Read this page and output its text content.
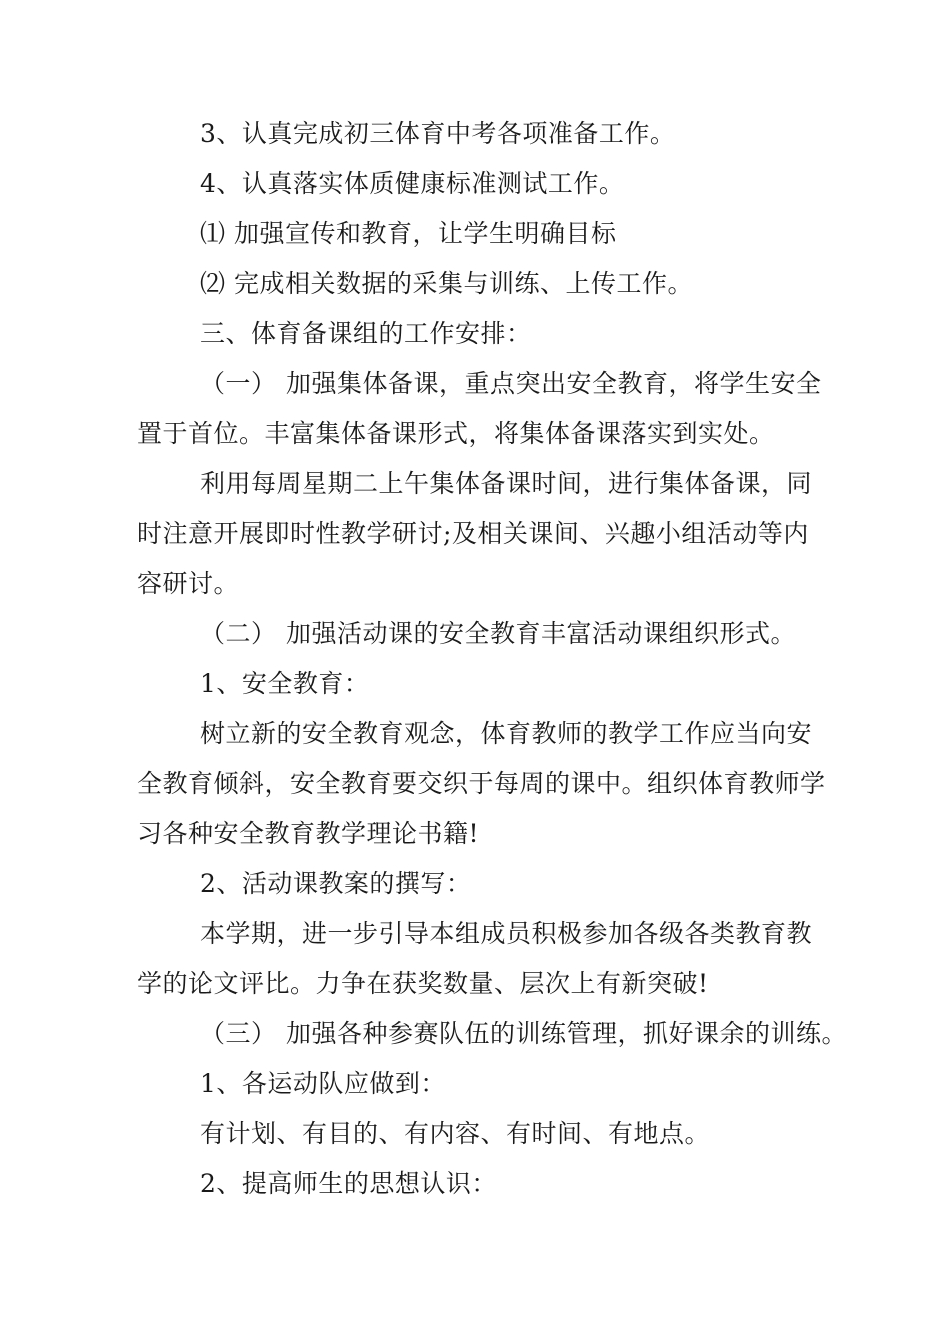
3、认真完成初三体育中考各项准备工作。
4、认真落实体质健康标准测试工作。
⑴ 加强宣传和教育，让学生明确目标
⑵ 完成相关数据的采集与训练、上传工作。
三、体育备课组的工作安排：
（一） 加强集体备课，重点突出安全教育，将学生安全
置于首位。丰富集体备课形式，将集体备课落实到实处。
利用每周星期二上午集体备课时间，进行集体备课，同
时注意开展即时性教学研讨;及相关课间、兴趣小组活动等内
容研讨。
（二） 加强活动课的安全教育丰富活动课组织形式。
1、安全教育：
树立新的安全教育观念，体育教师的教学工作应当向安
全教育倾斜，安全教育要交织于每周的课中。组织体育教师学
习各种安全教育教学理论书籍!
2、活动课教案的撰写：
本学期，进一步引导本组成员积极参加各级各类教育教
学的论文评比。力争在获奖数量、层次上有新突破!
（三） 加强各种参赛队伍的训练管理，抓好课余的训练。
1、各运动队应做到：
有计划、有目的、有内容、有时间、有地点。
2、提高师生的思想认识：
